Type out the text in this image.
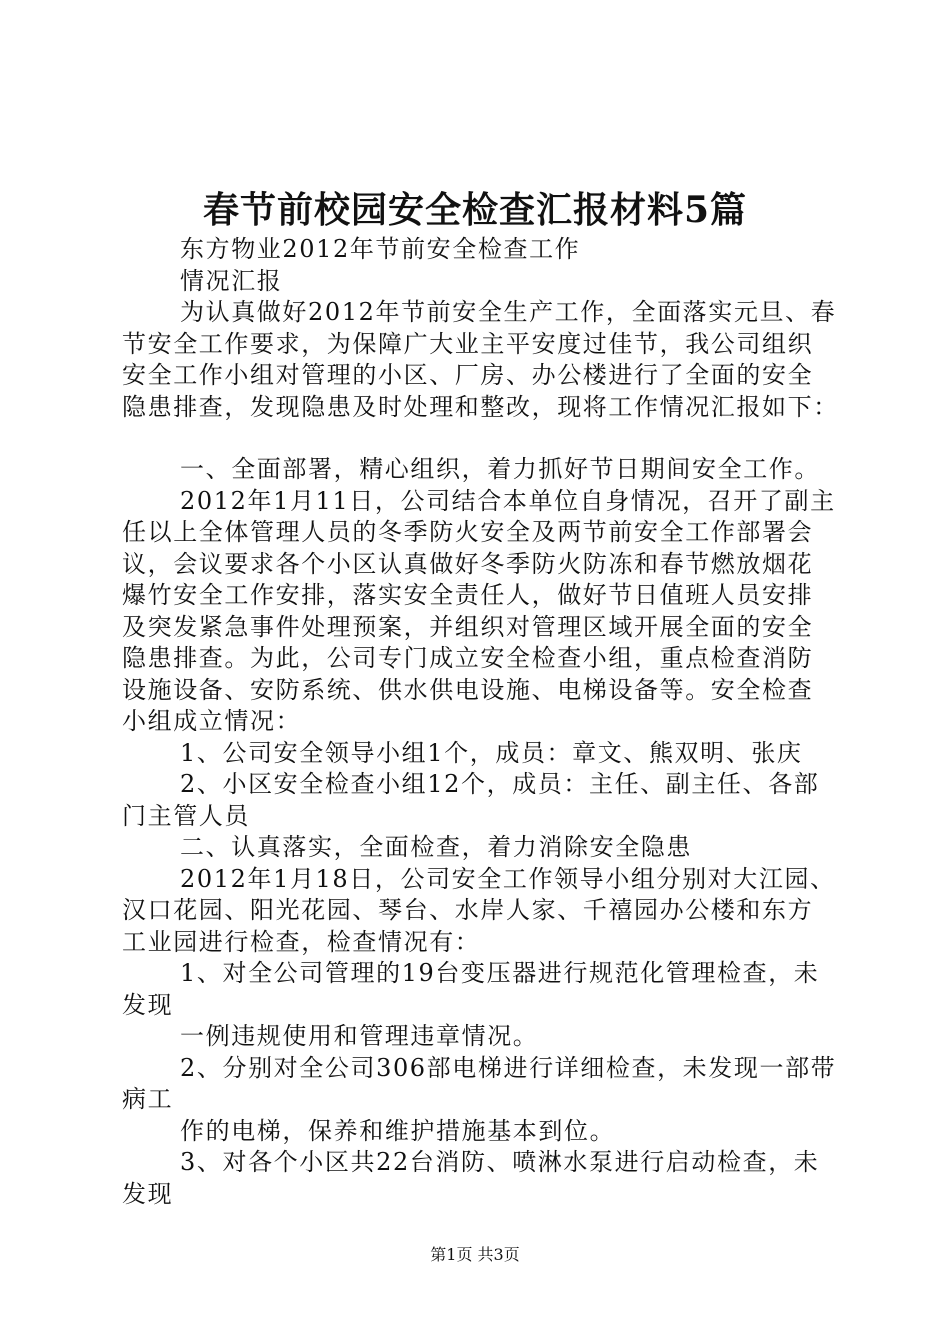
春节前校园安全检查汇报材料5篇
东方物业2012年节前安全检查工作
情况汇报
为认真做好2012年节前安全生产工作，全面落实元旦、春
节安全工作要求，为保障广大业主平安度过佳节，我公司组织
安全工作小组对管理的小区、厂房、办公楼进行了全面的安全
隐患排查，发现隐患及时处理和整改，现将工作情况汇报如下：
一、全面部署，精心组织，着力抓好节日期间安全工作。
2012年1月11日，公司结合本单位自身情况，召开了副主
任以上全体管理人员的冬季防火安全及两节前安全工作部署会
议，会议要求各个小区认真做好冬季防火防冻和春节燃放烟花
爆竹安全工作安排，落实安全责任人，做好节日值班人员安排
及突发紧急事件处理预案，并组织对管理区域开展全面的安全
隐患排查。为此，公司专门成立安全检查小组，重点检查消防
设施设备、安防系统、供水供电设施、电梯设备等。安全检查
小组成立情况：
1、公司安全领导小组1个，成员：章文、熊双明、张庆
2、小区安全检查小组12个，成员：主任、副主任、各部
门主管人员
二、认真落实，全面检查，着力消除安全隐患
2012年1月18日，公司安全工作领导小组分别对大江园、
汉口花园、阳光花园、琴台、水岸人家、千禧园办公楼和东方
工业园进行检查，检查情况有：
1、对全公司管理的19台变压器进行规范化管理检查，未
发现
一例违规使用和管理违章情况。
2、分别对全公司306部电梯进行详细检查，未发现一部带
病工
作的电梯，保养和维护措施基本到位。
3、对各个小区共22台消防、喷淋水泵进行启动检查，未
发现
第1页 共3页
